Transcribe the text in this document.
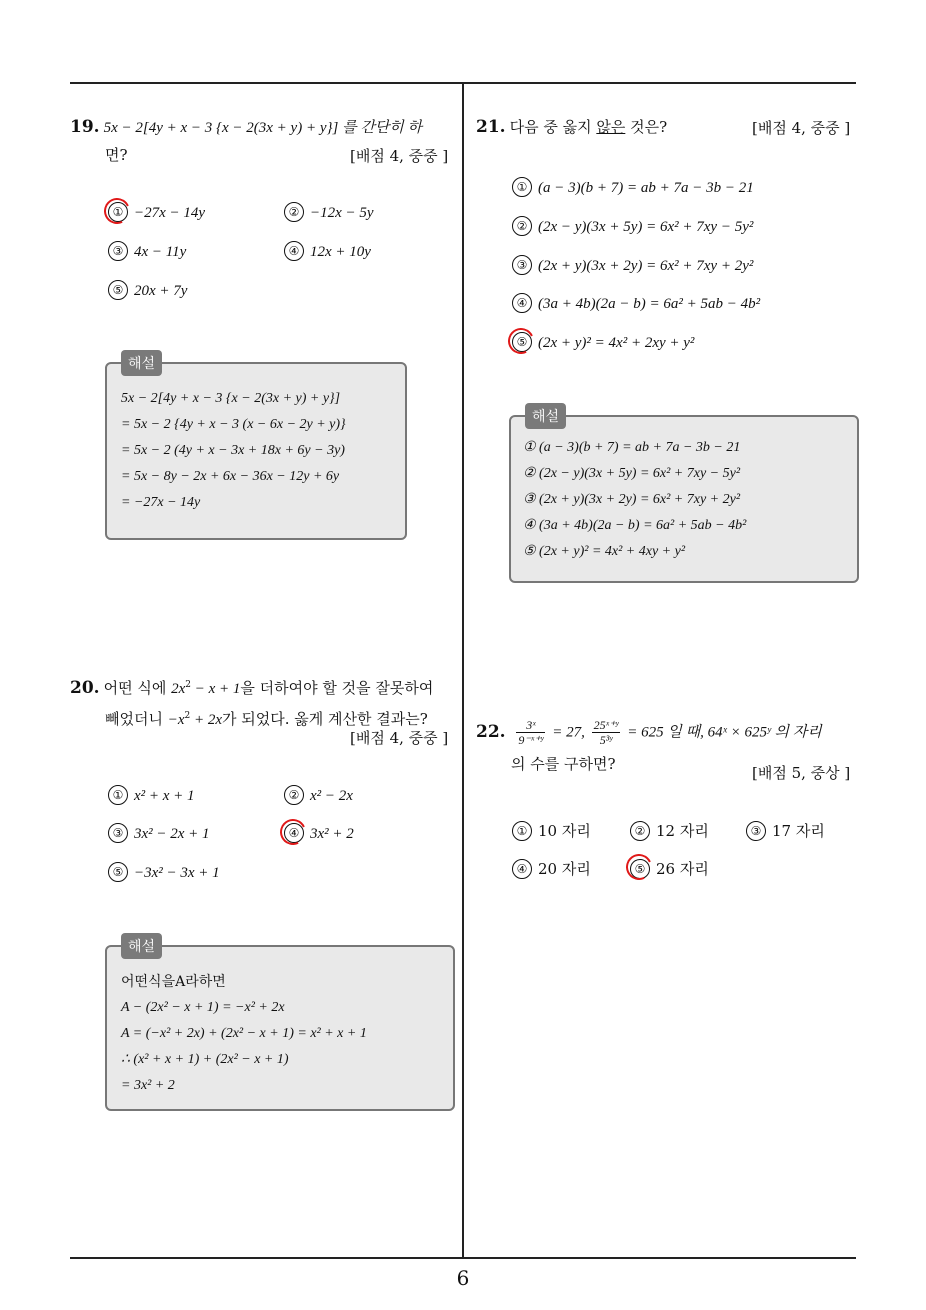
6
19. 5x − 2[4y + x − 3 {x − 2(3x + y) + y}] 를 간단히 하
면?	[배점 4, 중중 ]
① −27x − 14y	② −12x − 5y
③ 4x − 11y	④ 12x + 10y
⑤ 20x + 7y
해설
5x − 2[4y + x − 3 {x − 2(3x + y) + y}]
= 5x − 2 {4y + x − 3 (x − 6x − 2y + y)}
= 5x − 2 (4y + x − 3x + 18x + 6y − 3y)
= 5x − 8y − 2x + 6x − 36x − 12y + 6y
= −27x − 14y
20. 어떤 식에 $2x^2 - x + 1$을 더하여야 할 것을 잘못하여
빼었더니 $-x^2 + 2x$가 되었다. 옳게 계산한 결과는?
[배점 4, 중중 ]
① x² + x + 1	② x² − 2x
③ 3x² − 2x + 1	④ 3x² + 2
⑤ −3x² − 3x + 1
해설
어떤식을A라하면
A − (2x² − x + 1) = −x² + 2x
A = (−x² + 2x) + (2x² − x + 1) = x² + x + 1
∴ (x² + x + 1) + (2x² − x + 1)
= 3x² + 2
21. 다음 중 옳지 않은 것은?	[배점 4, 중중 ]
① (a − 3)(b + 7) = ab + 7a − 3b − 21
② (2x − y)(3x + 5y) = 6x² + 7xy − 5y²
③ (2x + y)(3x + 2y) = 6x² + 7xy + 2y²
④ (3a + 4b)(2a − b) = 6a² + 5ab − 4b²
⑤ (2x + y)² = 4x² + 2xy + y²
해설
① (a − 3)(b + 7) = ab + 7a − 3b − 21
② (2x − y)(3x + 5y) = 6x² + 7xy − 5y²
③ (2x + y)(3x + 2y) = 6x² + 7xy + 2y²
④ (3a + 4b)(2a − b) = 6a² + 5ab − 4b²
⑤ (2x + y)² = 4x² + 4xy + y²
22. $\frac{\text{3ˣ}}{\text{9⁻ˣ⁺ʸ}} = 27$, $\frac{\text{25ˣ⁺ʸ}}{\text{5³ʸ}} = 625$ 일 때, 64ˣ × 625ʸ 의 자리
의 수를 구하면?	[배점 5, 중상 ]
① 10 자리	② 12 자리	③ 17 자리
④ 20 자리	⑤ 26 자리
